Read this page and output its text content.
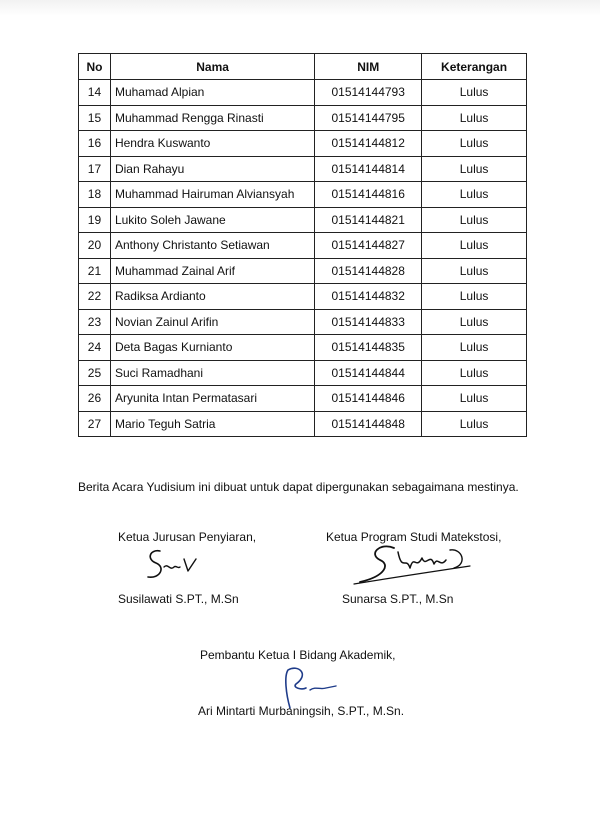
No	Nama	NIM	Keterangan
14	Muhamad Alpian	01514144793	Lulus
15	Muhammad Rengga Rinasti	01514144795	Lulus
16	Hendra Kuswanto	01514144812	Lulus
17	Dian Rahayu	01514144814	Lulus
18	Muhammad Hairuman Alviansyah	01514144816	Lulus
19	Lukito Soleh Jawane	01514144821	Lulus
20	Anthony Christanto Setiawan	01514144827	Lulus
21	Muhammad Zainal Arif	01514144828	Lulus
22	Radiksa Ardianto	01514144832	Lulus
23	Novian Zainul Arifin	01514144833	Lulus
24	Deta Bagas Kurnianto	01514144835	Lulus
25	Suci Ramadhani	01514144844	Lulus
26	Aryunita Intan Permatasari	01514144846	Lulus
27	Mario Teguh Satria	01514144848	Lulus
Berita Acara Yudisium ini dibuat untuk dapat dipergunakan sebagaimana mestinya.
Ketua Jurusan Penyiaran,
Susilawati S.PT., M.Sn
Ketua Program Studi Matekstosi,
Sunarsa S.PT., M.Sn
Pembantu Ketua I Bidang Akademik,
Ari Mintarti Murbaningsih, S.PT., M.Sn.
